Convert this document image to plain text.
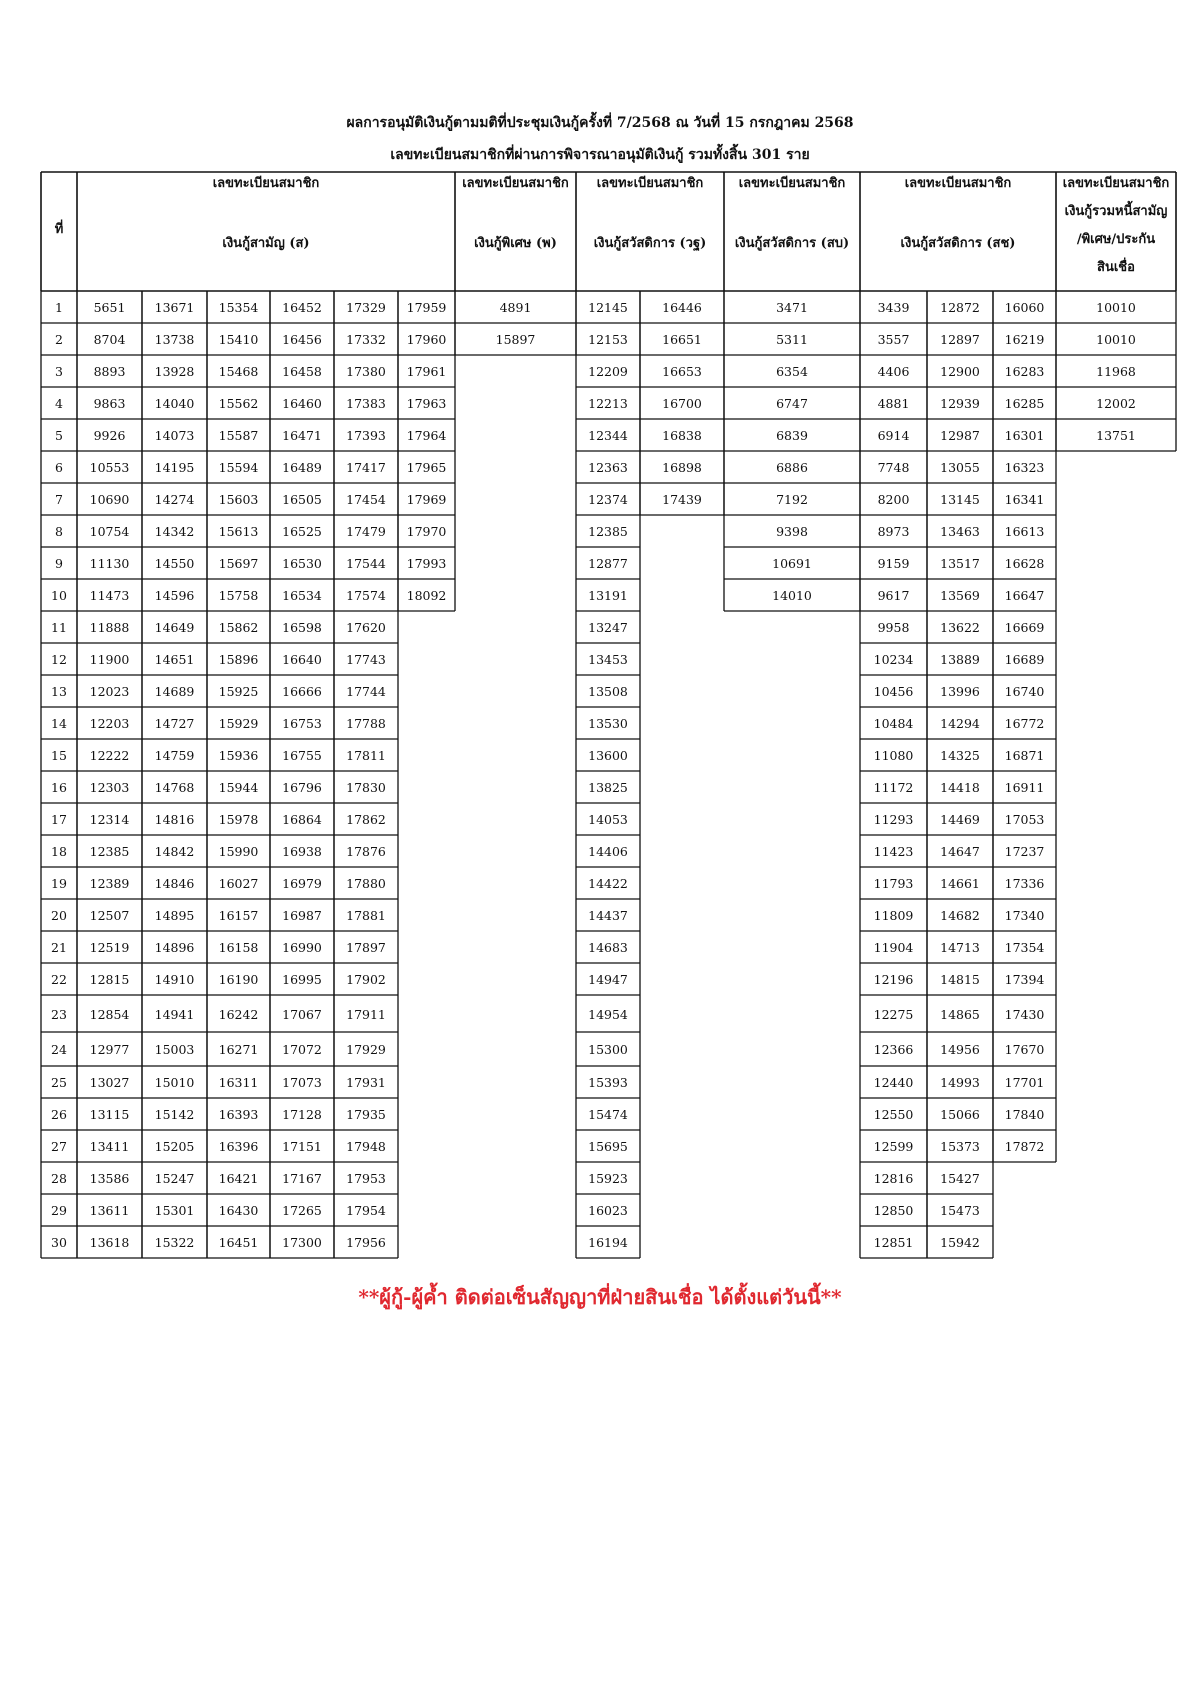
ผลการอนุมัติเงินกู้ตามมติที่ประชุมเงินกู้ครั้งที่ 7/2568 ณ วันที่ 15 กรกฎาคม 2568
เลขทะเบียนสมาชิกที่ผ่านการพิจารณาอนุมัติเงินกู้ รวมทั้งสิ้น 301 ราย
ที่
เลขทะเบียนสมาชิก
เงินกู้สามัญ (ส)
เลขทะเบียนสมาชิก
เงินกู้พิเศษ (พ)
เลขทะเบียนสมาชิก
เงินกู้สวัสดิการ (วฐ)
เลขทะเบียนสมาชิก
เงินกู้สวัสดิการ (สบ)
เลขทะเบียนสมาชิก
เงินกู้สวัสดิการ (สช)
เลขทะเบียนสมาชิก
เงินกู้รวมหนี้สามัญ
/พิเศษ/ประกัน
สินเชื่อ
1
2
3
4
5
6
7
8
9
10
11
12
13
14
15
16
17
18
19
20
21
22
23
24
25
26
27
28
29
30
5651
8704
8893
9863
9926
10553
10690
10754
11130
11473
11888
11900
12023
12203
12222
12303
12314
12385
12389
12507
12519
12815
12854
12977
13027
13115
13411
13586
13611
13618
13671
13738
13928
14040
14073
14195
14274
14342
14550
14596
14649
14651
14689
14727
14759
14768
14816
14842
14846
14895
14896
14910
14941
15003
15010
15142
15205
15247
15301
15322
15354
15410
15468
15562
15587
15594
15603
15613
15697
15758
15862
15896
15925
15929
15936
15944
15978
15990
16027
16157
16158
16190
16242
16271
16311
16393
16396
16421
16430
16451
16452
16456
16458
16460
16471
16489
16505
16525
16530
16534
16598
16640
16666
16753
16755
16796
16864
16938
16979
16987
16990
16995
17067
17072
17073
17128
17151
17167
17265
17300
17329
17332
17380
17383
17393
17417
17454
17479
17544
17574
17620
17743
17744
17788
17811
17830
17862
17876
17880
17881
17897
17902
17911
17929
17931
17935
17948
17953
17954
17956
17959
17960
17961
17963
17964
17965
17969
17970
17993
18092
4891
15897
12145
12153
12209
12213
12344
12363
12374
12385
12877
13191
13247
13453
13508
13530
13600
13825
14053
14406
14422
14437
14683
14947
14954
15300
15393
15474
15695
15923
16023
16194
16446
16651
16653
16700
16838
16898
17439
3471
5311
6354
6747
6839
6886
7192
9398
10691
14010
3439
3557
4406
4881
6914
7748
8200
8973
9159
9617
9958
10234
10456
10484
11080
11172
11293
11423
11793
11809
11904
12196
12275
12366
12440
12550
12599
12816
12850
12851
12872
12897
12900
12939
12987
13055
13145
13463
13517
13569
13622
13889
13996
14294
14325
14418
14469
14647
14661
14682
14713
14815
14865
14956
14993
15066
15373
15427
15473
15942
16060
16219
16283
16285
16301
16323
16341
16613
16628
16647
16669
16689
16740
16772
16871
16911
17053
17237
17336
17340
17354
17394
17430
17670
17701
17840
17872
10010
10010
11968
12002
13751
**ผู้กู้-ผู้ค้ำ ติดต่อเซ็นสัญญาที่ฝ่ายสินเชื่อ ได้ตั้งแต่วันนี้**
